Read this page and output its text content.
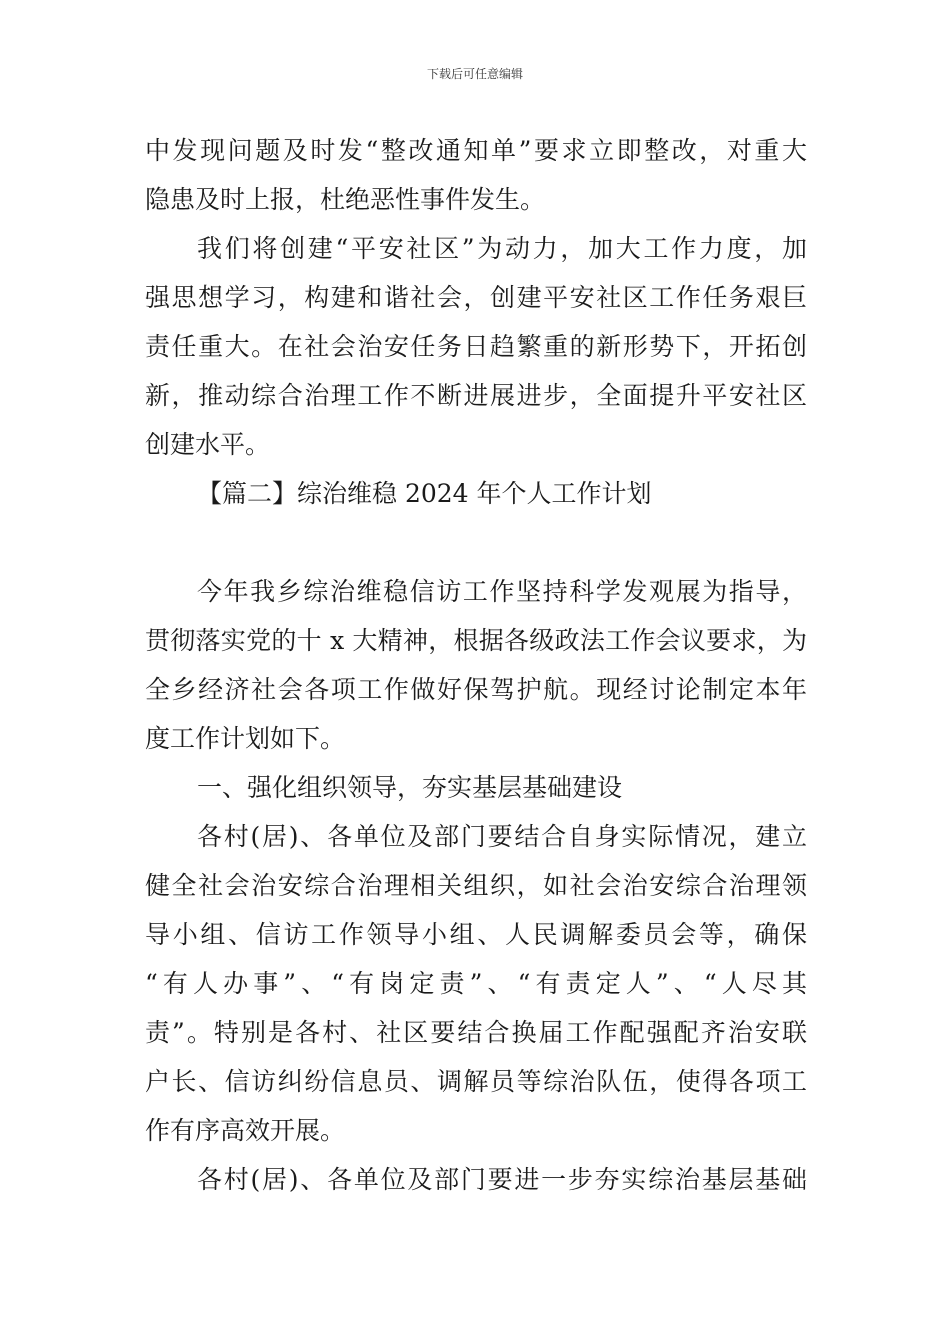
下载后可任意编辑
中发现问题及时发“整改通知单”要求立即整改，对重大
隐患及时上报，杜绝恶性事件发生。
我们将创建“平安社区”为动力，加大工作力度，加
强思想学习，构建和谐社会，创建平安社区工作任务艰巨
责任重大。在社会治安任务日趋繁重的新形势下，开拓创
新，推动综合治理工作不断进展进步，全面提升平安社区
创建水平。
【篇二】综治维稳 2024 年个人工作计划
今年我乡综治维稳信访工作坚持科学发观展为指导，
贯彻落实党的十 x 大精神，根据各级政法工作会议要求，为
全乡经济社会各项工作做好保驾护航。现经讨论制定本年
度工作计划如下。
一、强化组织领导，夯实基层基础建设
各村(居)、各单位及部门要结合自身实际情况，建立
健全社会治安综合治理相关组织，如社会治安综合治理领
导小组、信访工作领导小组、人民调解委员会等，确保
“有人办事”、“有岗定责”、“有责定人”、“人尽其
责”。特别是各村、社区要结合换届工作配强配齐治安联
户长、信访纠纷信息员、调解员等综治队伍，使得各项工
作有序高效开展。
各村(居)、各单位及部门要进一步夯实综治基层基础
